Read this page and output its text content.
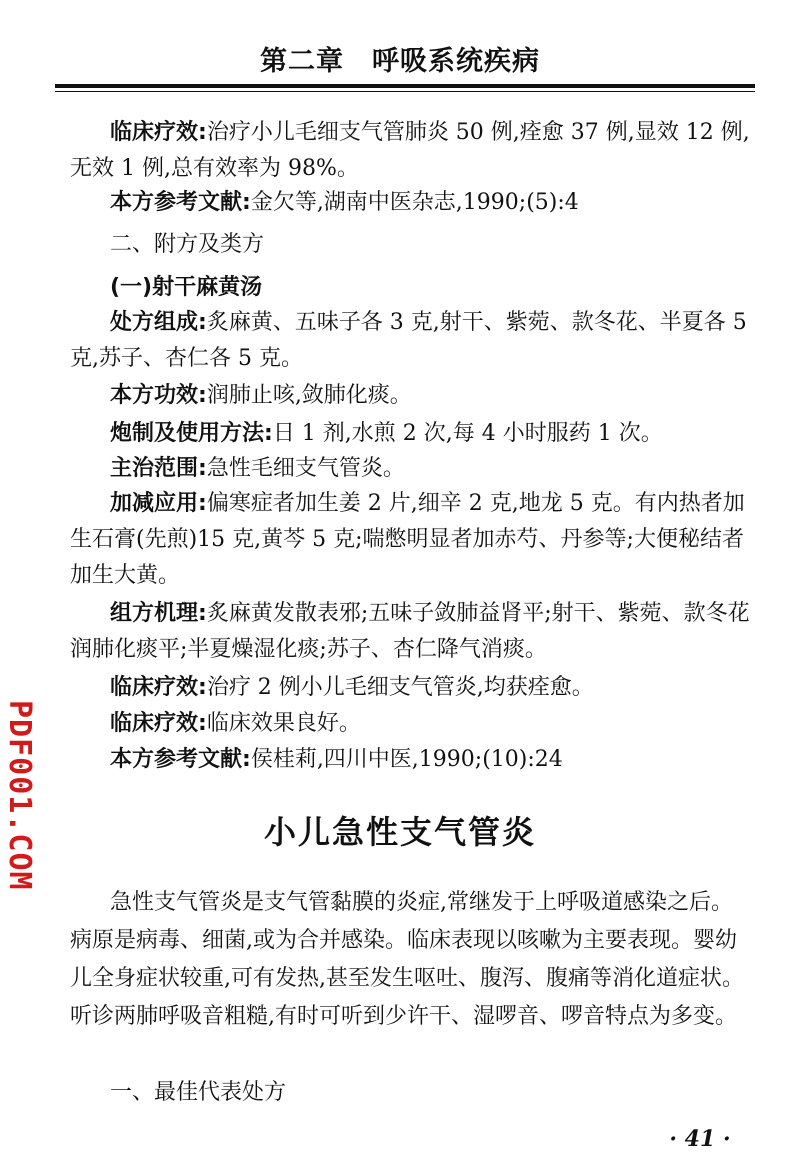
第二章　呼吸系统疾病

临床疗效:治疗小儿毛细支气管肺炎 50 例,痊愈 37 例,显效 12 例,无效 1 例,总有效率为 98%。

本方参考文献:金欠等,湖南中医杂志,1990;(5):4

二、附方及类方

(一)射干麻黄汤

处方组成:炙麻黄、五味子各 3 克,射干、紫菀、款冬花、半夏各 5 克,苏子、杏仁各 5 克。

本方功效:润肺止咳,敛肺化痰。

炮制及使用方法:日 1 剂,水煎 2 次,每 4 小时服药 1 次。

主治范围:急性毛细支气管炎。

加减应用:偏寒症者加生姜 2 片,细辛 2 克,地龙 5 克。有内热者加生石膏(先煎)15 克,黄芩 5 克;喘憋明显者加赤芍、丹参等;大便秘结者加生大黄。

组方机理:炙麻黄发散表邪;五味子敛肺益肾平;射干、紫菀、款冬花润肺化痰平;半夏燥湿化痰;苏子、杏仁降气消痰。

临床疗效:治疗 2 例小儿毛细支气管炎,均获痊愈。

临床疗效:临床效果良好。

本方参考文献:侯桂莉,四川中医,1990;(10):24

小儿急性支气管炎

急性支气管炎是支气管黏膜的炎症,常继发于上呼吸道感染之后。病原是病毒、细菌,或为合并感染。临床表现以咳嗽为主要表现。婴幼儿全身症状较重,可有发热,甚至发生呕吐、腹泻、腹痛等消化道症状。听诊两肺呼吸音粗糙,有时可听到少许干、湿啰音、啰音特点为多变。

一、最佳代表处方

PDF001.COM
· 41 ·
